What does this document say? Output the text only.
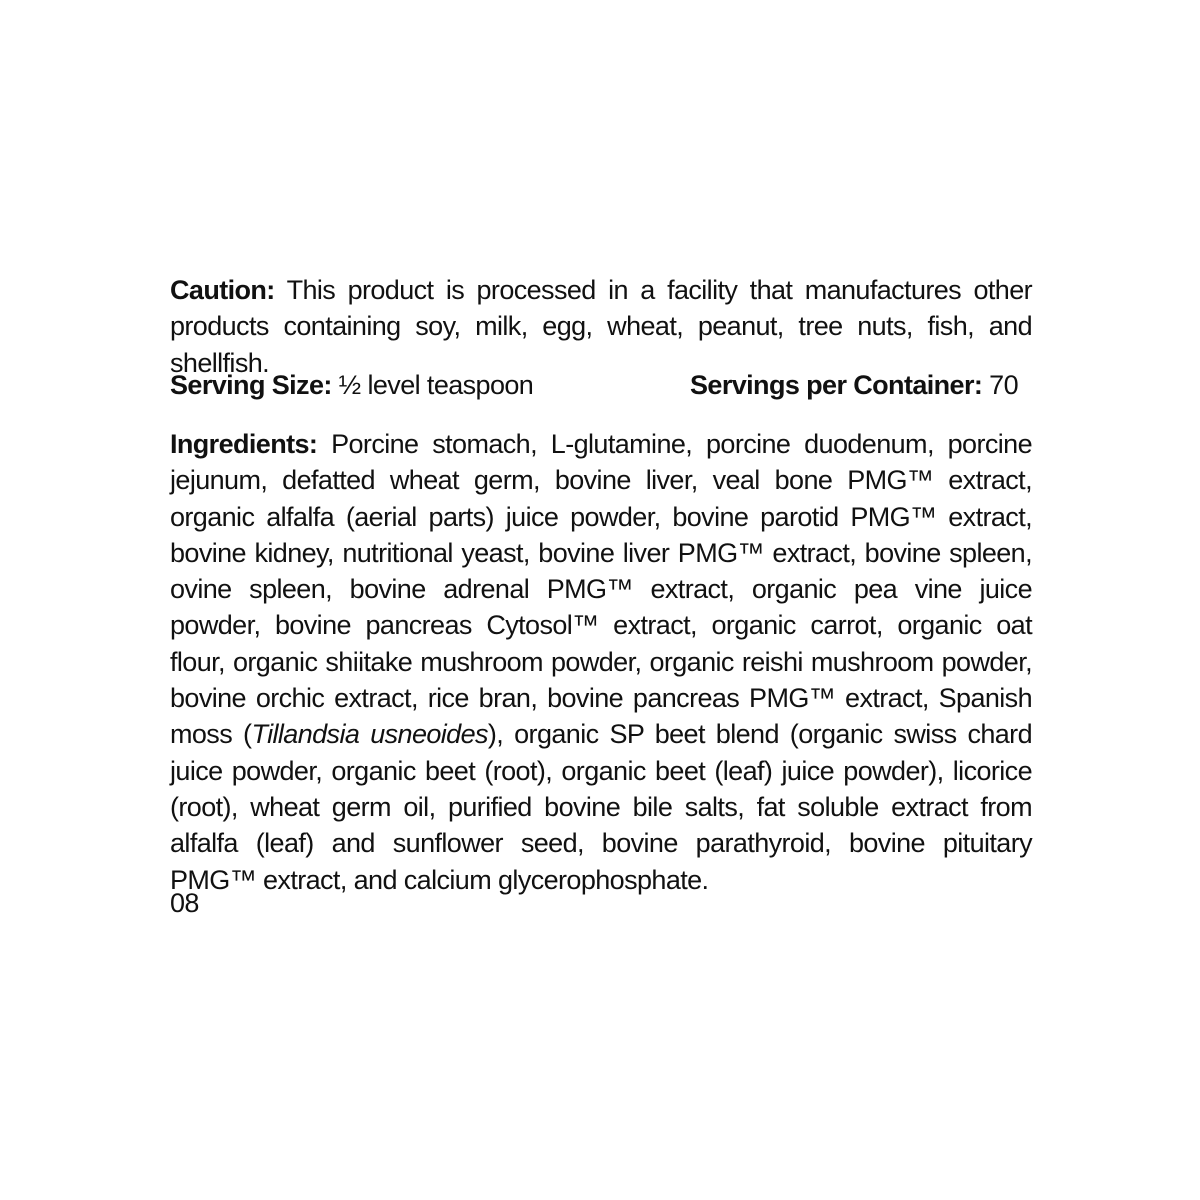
Caution: This product is processed in a facility that manufactures other products containing soy, milk, egg, wheat, peanut, tree nuts, fish, and shellfish.

Serving Size: ½ level teaspoon	Servings per Container: 70

Ingredients: Porcine stomach, L-glutamine, porcine duodenum, porcine jejunum, defatted wheat germ, bovine liver, veal bone PMG™ extract, organic alfalfa (aerial parts) juice powder, bovine parotid PMG™ extract, bovine kidney, nutritional yeast, bovine liver PMG™ extract, bovine spleen, ovine spleen, bovine adrenal PMG™ extract, organic pea vine juice powder, bovine pancreas Cytosol™ extract, organic carrot, organic oat flour, organic shiitake mushroom powder, organic reishi mushroom powder, bovine orchic extract, rice bran, bovine pancreas PMG™ extract, Spanish moss (Tillandsia usneoides), organic SP beet blend (organic swiss chard juice powder, organic beet (root), organic beet (leaf) juice powder), licorice (root), wheat germ oil, purified bovine bile salts, fat soluble extract from alfalfa (leaf) and sunflower seed, bovine parathyroid, bovine pituitary PMG™ extract, and calcium glycerophosphate.

08
